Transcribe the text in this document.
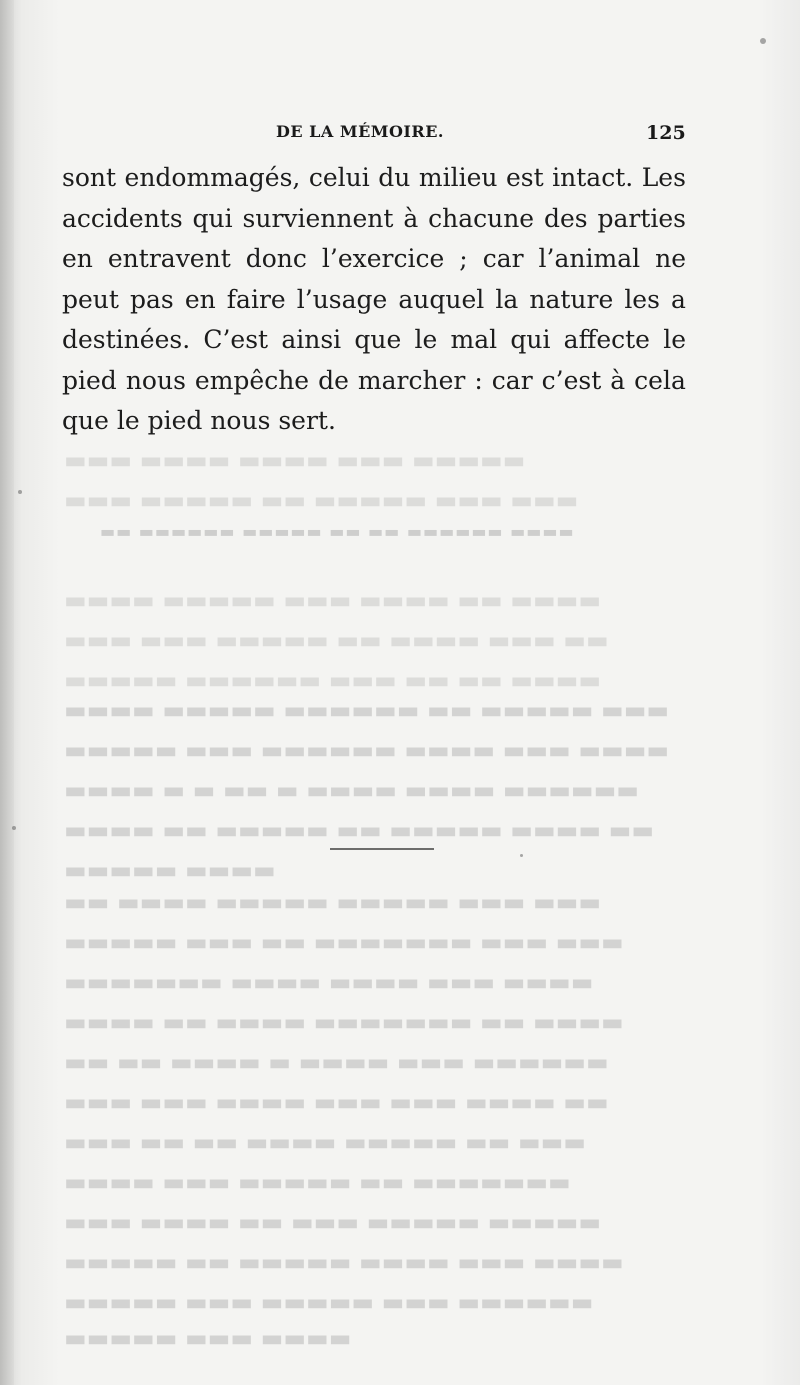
▬▬▬ ▬▬▬▬ ▬▬▬▬ ▬▬▬ ▬▬▬▬▬
▬▬▬ ▬▬▬▬▬ ▬▬ ▬▬▬▬▬ ▬▬▬ ▬▬▬
▬▬ ▬▬▬▬▬▬ ▬▬▬▬▬ ▬▬ ▬▬ ▬▬▬▬▬▬ ▬▬▬▬
▬▬▬▬ ▬▬▬▬▬ ▬▬▬ ▬▬▬▬ ▬▬ ▬▬▬▬
▬▬▬ ▬▬▬ ▬▬▬▬▬ ▬▬ ▬▬▬▬ ▬▬▬ ▬▬
▬▬▬▬▬ ▬▬▬▬▬▬ ▬▬▬ ▬▬ ▬▬ ▬▬▬▬
▬▬▬▬ ▬▬▬▬▬ ▬▬▬▬▬▬ ▬▬ ▬▬▬▬▬ ▬▬▬
▬▬▬▬▬ ▬▬▬ ▬▬▬▬▬▬ ▬▬▬▬ ▬▬▬ ▬▬▬▬
▬▬▬▬ ▬ ▬ ▬▬ ▬ ▬▬▬▬ ▬▬▬▬ ▬▬▬▬▬▬
▬▬▬▬ ▬▬ ▬▬▬▬▬ ▬▬ ▬▬▬▬▬ ▬▬▬▬ ▬▬
▬▬▬▬▬ ▬▬▬▬
▬▬ ▬▬▬▬ ▬▬▬▬▬ ▬▬▬▬▬ ▬▬▬ ▬▬▬
▬▬▬▬▬ ▬▬▬ ▬▬ ▬▬▬▬▬▬▬ ▬▬▬ ▬▬▬
▬▬▬▬▬▬▬ ▬▬▬▬ ▬▬▬▬ ▬▬▬ ▬▬▬▬
▬▬▬▬ ▬▬ ▬▬▬▬ ▬▬▬▬▬▬▬ ▬▬ ▬▬▬▬
▬▬ ▬▬ ▬▬▬▬ ▬ ▬▬▬▬ ▬▬▬ ▬▬▬▬▬▬
▬▬▬ ▬▬▬ ▬▬▬▬ ▬▬▬ ▬▬▬ ▬▬▬▬ ▬▬
▬▬▬ ▬▬ ▬▬ ▬▬▬▬ ▬▬▬▬▬ ▬▬ ▬▬▬
▬▬▬▬ ▬▬▬ ▬▬▬▬▬ ▬▬ ▬▬▬▬▬▬▬
▬▬▬ ▬▬▬▬ ▬▬ ▬▬▬ ▬▬▬▬▬ ▬▬▬▬▬
▬▬▬▬▬ ▬▬ ▬▬▬▬▬ ▬▬▬▬ ▬▬▬ ▬▬▬▬
▬▬▬▬▬ ▬▬▬ ▬▬▬▬▬ ▬▬▬ ▬▬▬▬▬▬
▬▬▬▬▬ ▬▬▬ ▬▬▬▬
DE LA MÉMOIRE.	125
sont endommagés, celui du milieu est intact. Les
accidents qui surviennent à chacune des parties
en entravent donc l’exercice ; car l’animal ne
peut pas en faire l’usage auquel la nature les a
destinées. C’est ainsi que le mal qui affecte le
pied nous empêche de marcher : car c’est à cela
que le pied nous sert.
